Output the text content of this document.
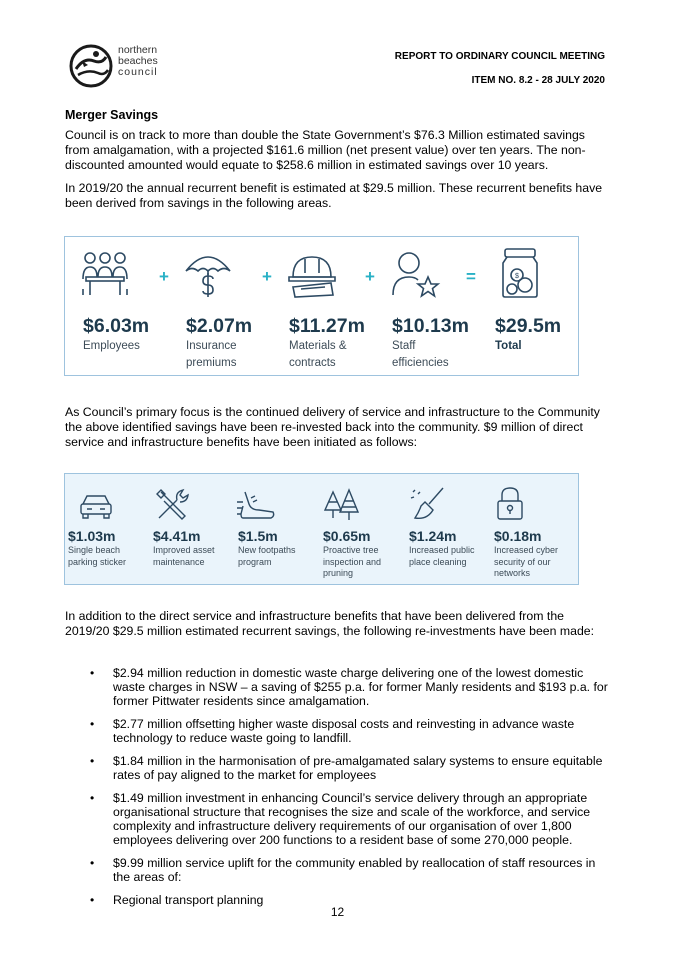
northern
beaches
council
REPORT TO ORDINARY COUNCIL MEETING
ITEM NO. 8.2 - 28 JULY 2020
Merger Savings

Council is on track to more than double the State Government’s $76.3 Million estimated savings from amalgamation, with a projected $161.6 million (net present value) over ten years. The non-discounted amounted would equate to $258.6 million in estimated savings over 10 years.

In 2019/20 the annual recurrent benefit is estimated at $29.5 million. These recurrent benefits have been derived from savings in the following areas.

+	+	+	=
$6.03m
Employees
$2.07m
Insurance
premiums
$11.27m
Materials &
contracts
$10.13m
Staff
efficiencies
$
$29.5m
Total

As Council’s primary focus is the continued delivery of service and infrastructure to the Community the above identified savings have been re-invested back into the community. $9 million of direct service and infrastructure benefits have been initiated as follows:

$1.03m
Single beach
parking sticker
$4.41m
Improved asset
maintenance
$1.5m
New footpaths
program
$0.65m
Proactive tree
inspection and
pruning
$1.24m
Increased public
place cleaning
$0.18m
Increased cyber
security of our
networks

In addition to the direct service and infrastructure benefits that have been delivered from the 2019/20 $29.5 million estimated recurrent savings, the following re-investments have been made:

• $2.94 million reduction in domestic waste charge delivering one of the lowest domestic waste charges in NSW – a saving of $255 p.a. for former Manly residents and $193 p.a. for former Pittwater residents since amalgamation.
• $2.77 million offsetting higher waste disposal costs and reinvesting in advance waste technology to reduce waste going to landfill.
• $1.84 million in the harmonisation of pre-amalgamated salary systems to ensure equitable rates of pay aligned to the market for employees
• $1.49 million investment in enhancing Council’s service delivery through an appropriate organisational structure that recognises the size and scale of the workforce, and service complexity and infrastructure delivery requirements of our organisation of over 1,800 employees delivering over 200 functions to a resident base of some 270,000 people.
• $9.99 million service uplift for the community enabled by reallocation of staff resources in the areas of:
• Regional transport planning
12
